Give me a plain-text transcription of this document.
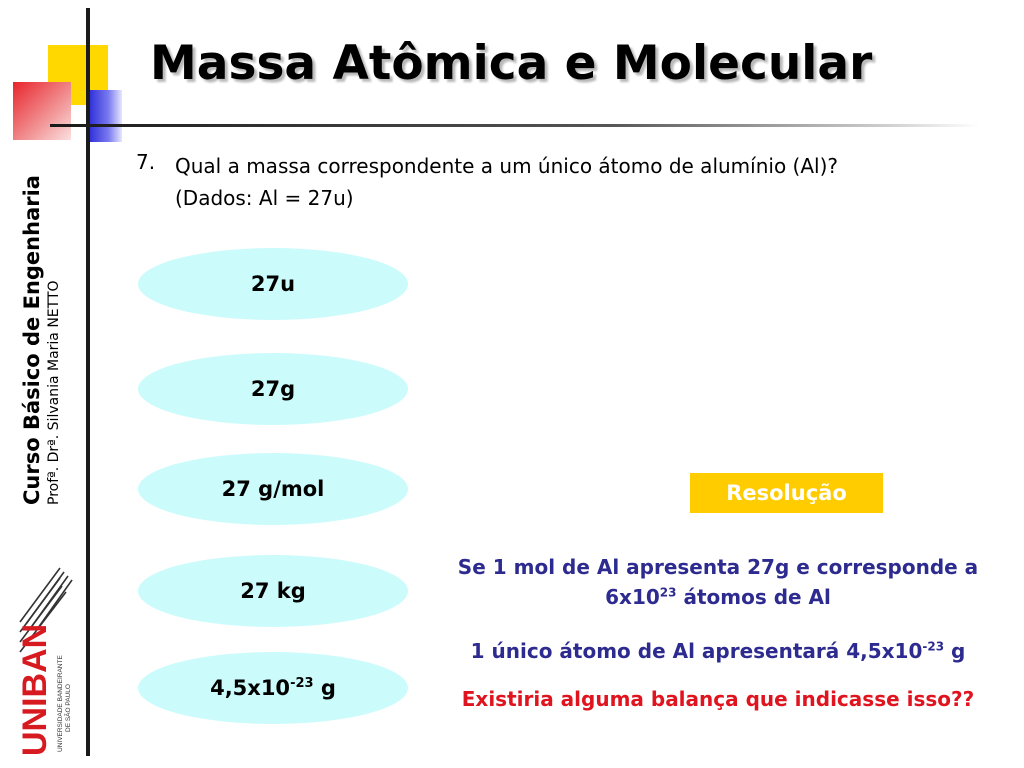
Massa Atômica e Molecular
Curso Básico de Engenharia Profª. Drª. Silvania Maria NETTO
UNIBAN UNIVERSIDADE BANDEIRANTE DE SÃO PAULO
7. Qual a massa correspondente a um único átomo de alumínio (Al)?
(Dados: Al = 27u)
27u
27g
27 g/mol
27 kg
$4,5x10^{-23}$ g
Resolução
Se 1 mol de Al apresenta 27g e corresponde a
$6x10^{23}$ átomos de Al
1 único átomo de Al apresentará $4,5x10^{-23}$ g
Existiria alguma balança que indicasse isso??
